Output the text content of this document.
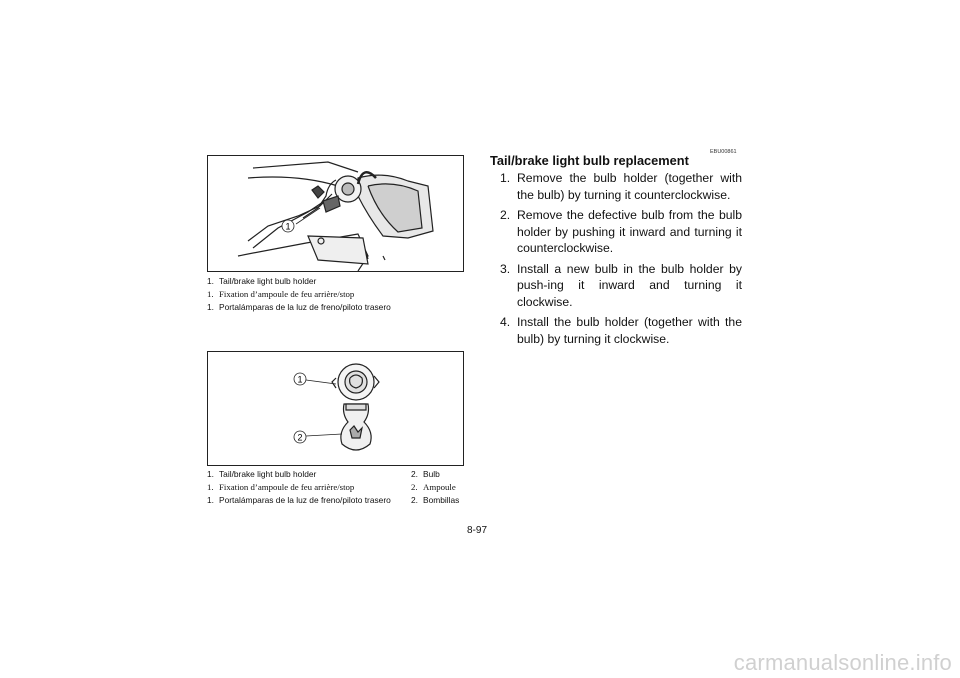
1
1. Tail/brake light bulb holder
1. Fixation d’ampoule de feu arrière/stop
1. Portalámparas de la luz de freno/piloto trasero
1
2
1. Tail/brake light bulb holder	2. Bulb
1. Fixation d’ampoule de feu arrière/stop	2. Ampoule
1. Portalámparas de la luz de freno/piloto trasero 2. Bombillas
EBU00861
Tail/brake light bulb replacement
1. Remove the bulb holder (together with the bulb) by turning it counterclockwise.
2. Remove the defective bulb from the bulb holder by pushing it inward and turning it counterclockwise.
3. Install a new bulb in the bulb holder by push-ing it inward and turning it clockwise.
4. Install the bulb holder (together with the bulb) by turning it clockwise.
8-97
carmanualsonline.info
